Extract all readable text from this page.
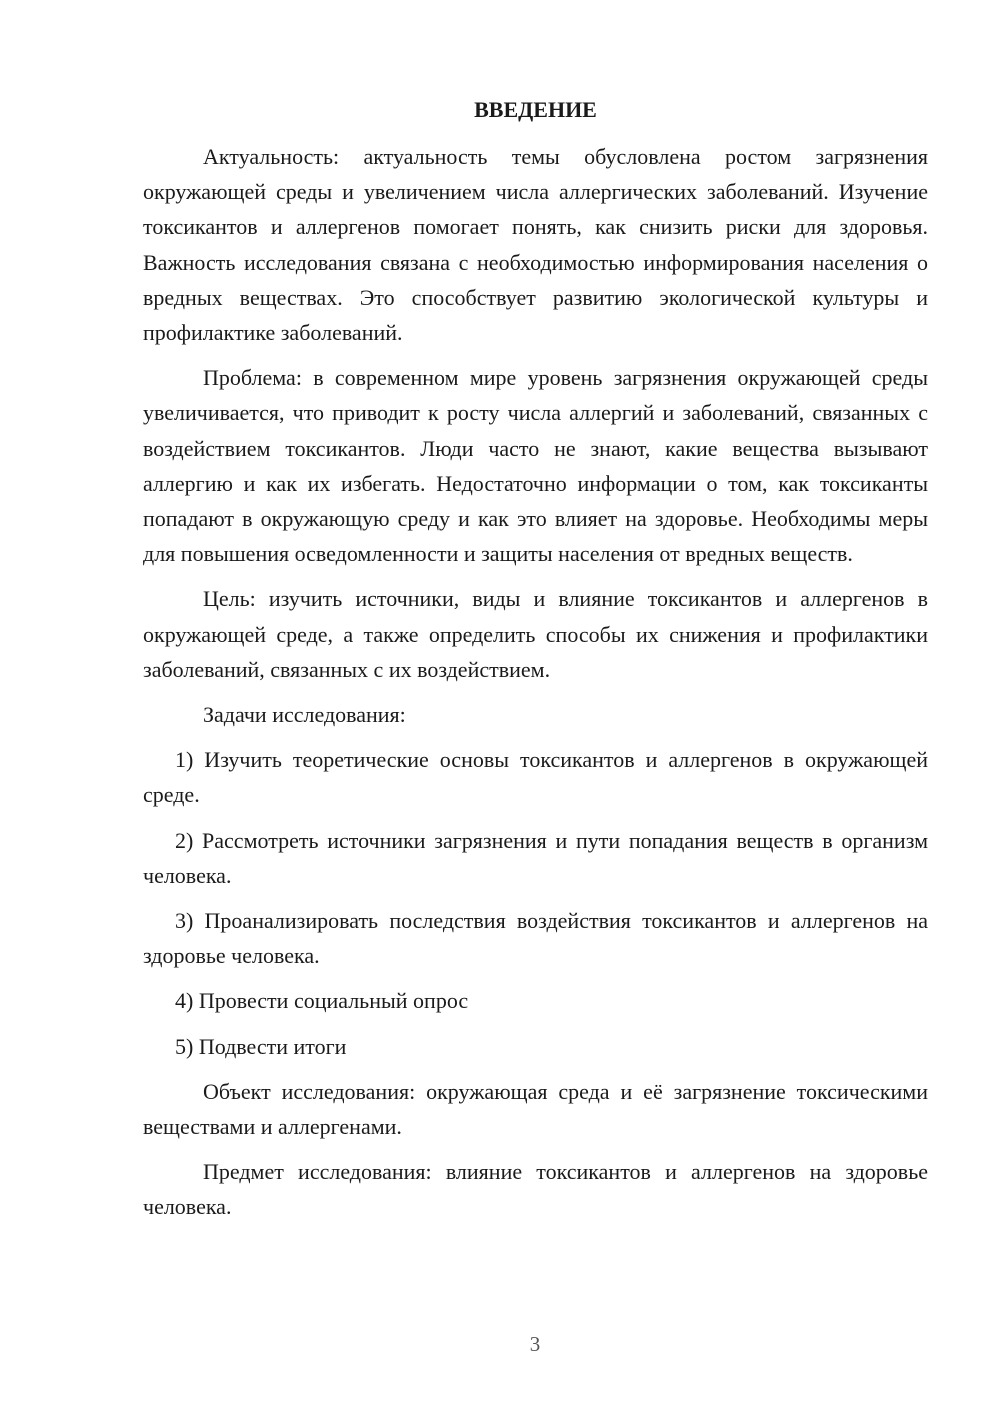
ВВЕДЕНИЕ

Актуальность: актуальность темы обусловлена ростом загрязнения окружающей среды и увеличением числа аллергических заболеваний. Изучение токсикантов и аллергенов помогает понять, как снизить риски для здоровья. Важность исследования связана с необходимостью информирования населения о вредных веществах. Это способствует развитию экологической культуры и профилактике заболеваний.

Проблема: в современном мире уровень загрязнения окружающей среды увеличивается, что приводит к росту числа аллергий и заболеваний, связанных с воздействием токсикантов. Люди часто не знают, какие вещества вызывают аллергию и как их избегать. Недостаточно информации о том, как токсиканты попадают в окружающую среду и как это влияет на здоровье. Необходимы меры для повышения осведомленности и защиты населения от вредных веществ.

Цель: изучить источники, виды и влияние токсикантов и аллергенов в окружающей среде, а также определить способы их снижения и профилактики заболеваний, связанных с их воздействием.

Задачи исследования:

1) Изучить теоретические основы токсикантов и аллергенов в окружающей среде.

2) Рассмотреть источники загрязнения и пути попадания веществ в организм человека.

3) Проанализировать последствия воздействия токсикантов и аллергенов на здоровье человека.

4) Провести социальный опрос

5) Подвести итоги

Объект исследования: окружающая среда и её загрязнение токсическими веществами и аллергенами.

Предмет исследования: влияние токсикантов и аллергенов на здоровье человека.

3
